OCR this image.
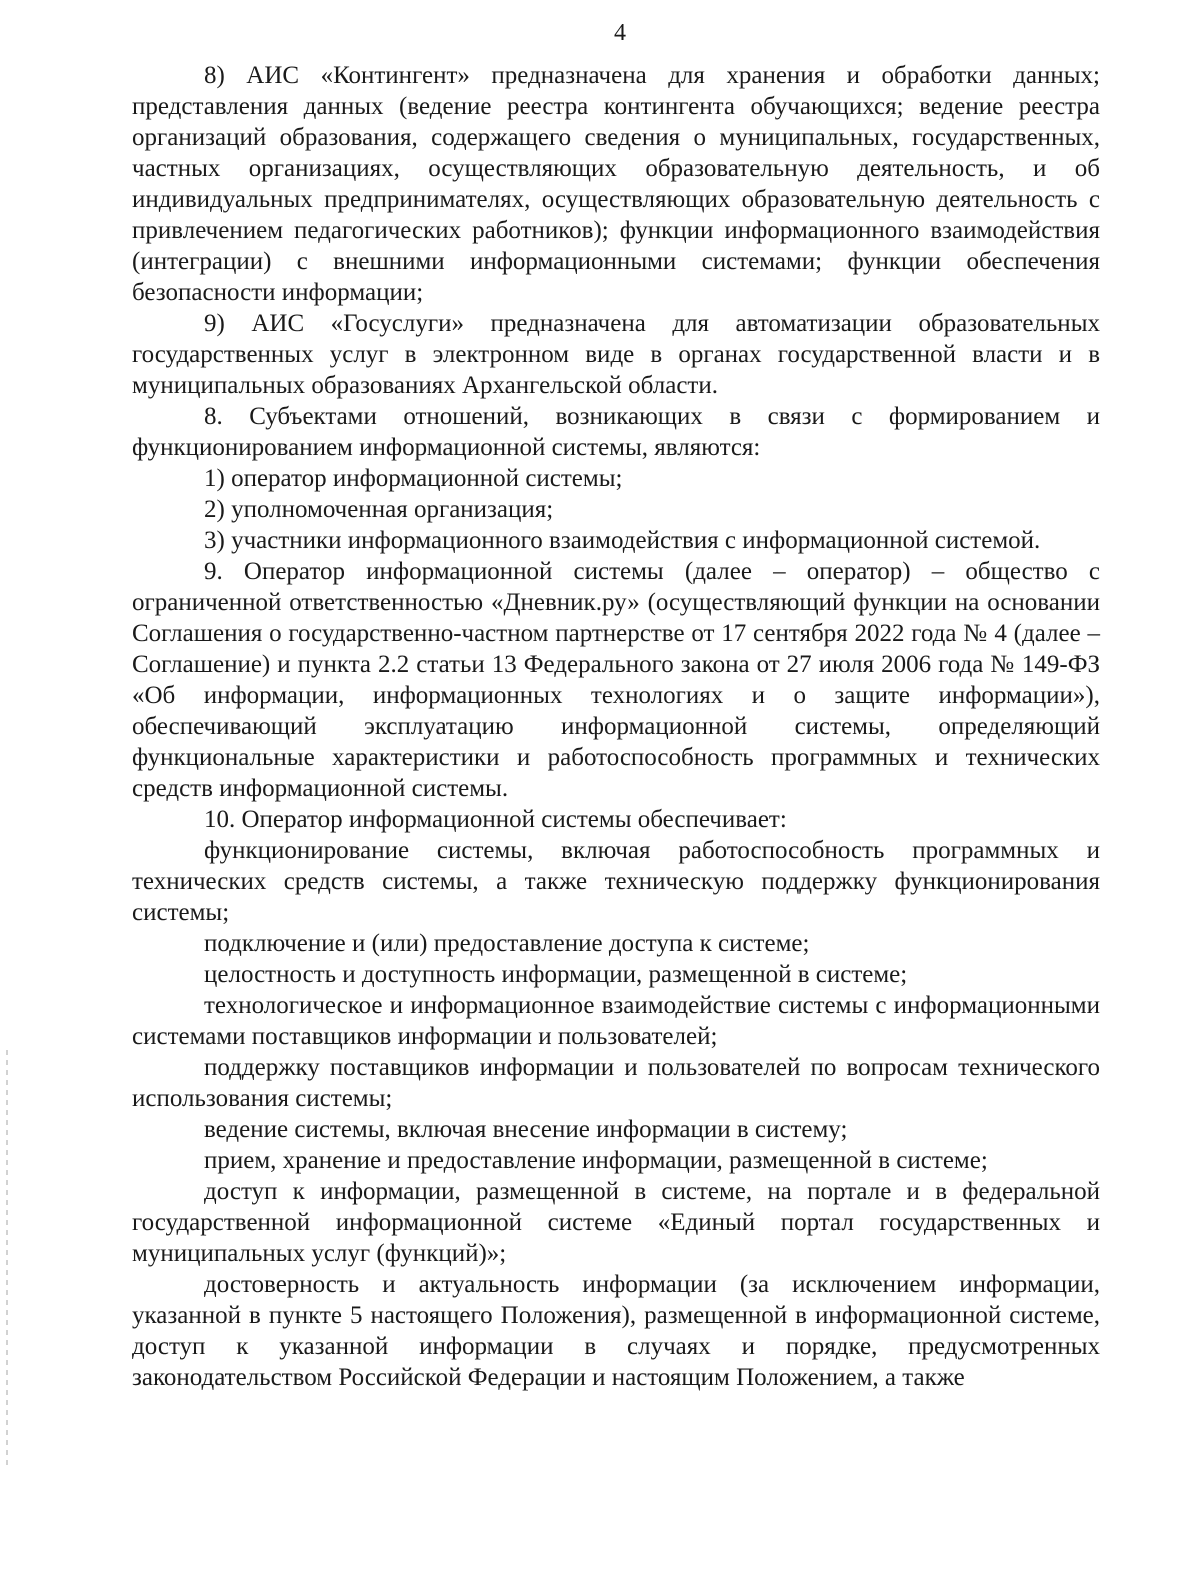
4

8) АИС «Контингент» предназначена для хранения и обработки данных; представления данных (ведение реестра контингента обучающихся; ведение реестра организаций образования, содержащего сведения о муниципальных, государственных, частных организациях, осуществляющих образовательную деятельность, и об индивидуальных предпринимателях, осуществляющих образовательную деятельность с привлечением педагогических работников); функции информационного взаимодействия (интеграции) с внешними информационными системами; функции обеспечения безопасности информации;

9) АИС «Госуслуги» предназначена для автоматизации образовательных государственных услуг в электронном виде в органах государственной власти и в муниципальных образованиях Архангельской области.

8. Субъектами отношений, возникающих в связи с формированием и функционированием информационной системы, являются:

1) оператор информационной системы;

2) уполномоченная организация;

3) участники информационного взаимодействия с информационной системой.

9. Оператор информационной системы (далее – оператор) – общество с ограниченной ответственностью «Дневник.ру» (осуществляющий функции на основании Соглашения о государственно-частном партнерстве от 17 сентября 2022 года № 4 (далее – Соглашение) и пункта 2.2 статьи 13 Федерального закона от 27 июля 2006 года № 149-ФЗ «Об информации, информационных технологиях и о защите информации»), обеспечивающий эксплуатацию информационной системы, определяющий функциональные характеристики и работоспособность программных и технических средств информационной системы.

10. Оператор информационной системы обеспечивает:

функционирование системы, включая работоспособность программных и технических средств системы, а также техническую поддержку функционирования системы;

подключение и (или) предоставление доступа к системе;

целостность и доступность информации, размещенной в системе;

технологическое и информационное взаимодействие системы с информационными системами поставщиков информации и пользователей;

поддержку поставщиков информации и пользователей по вопросам технического использования системы;

ведение системы, включая внесение информации в систему;

прием, хранение и предоставление информации, размещенной в системе;

доступ к информации, размещенной в системе, на портале и в федеральной государственной информационной системе «Единый портал государственных и муниципальных услуг (функций)»;

достоверность и актуальность информации (за исключением информации, указанной в пункте 5 настоящего Положения), размещенной в информационной системе, доступ к указанной информации в случаях и порядке, предусмотренных законодательством Российской Федерации и настоящим Положением, а также
